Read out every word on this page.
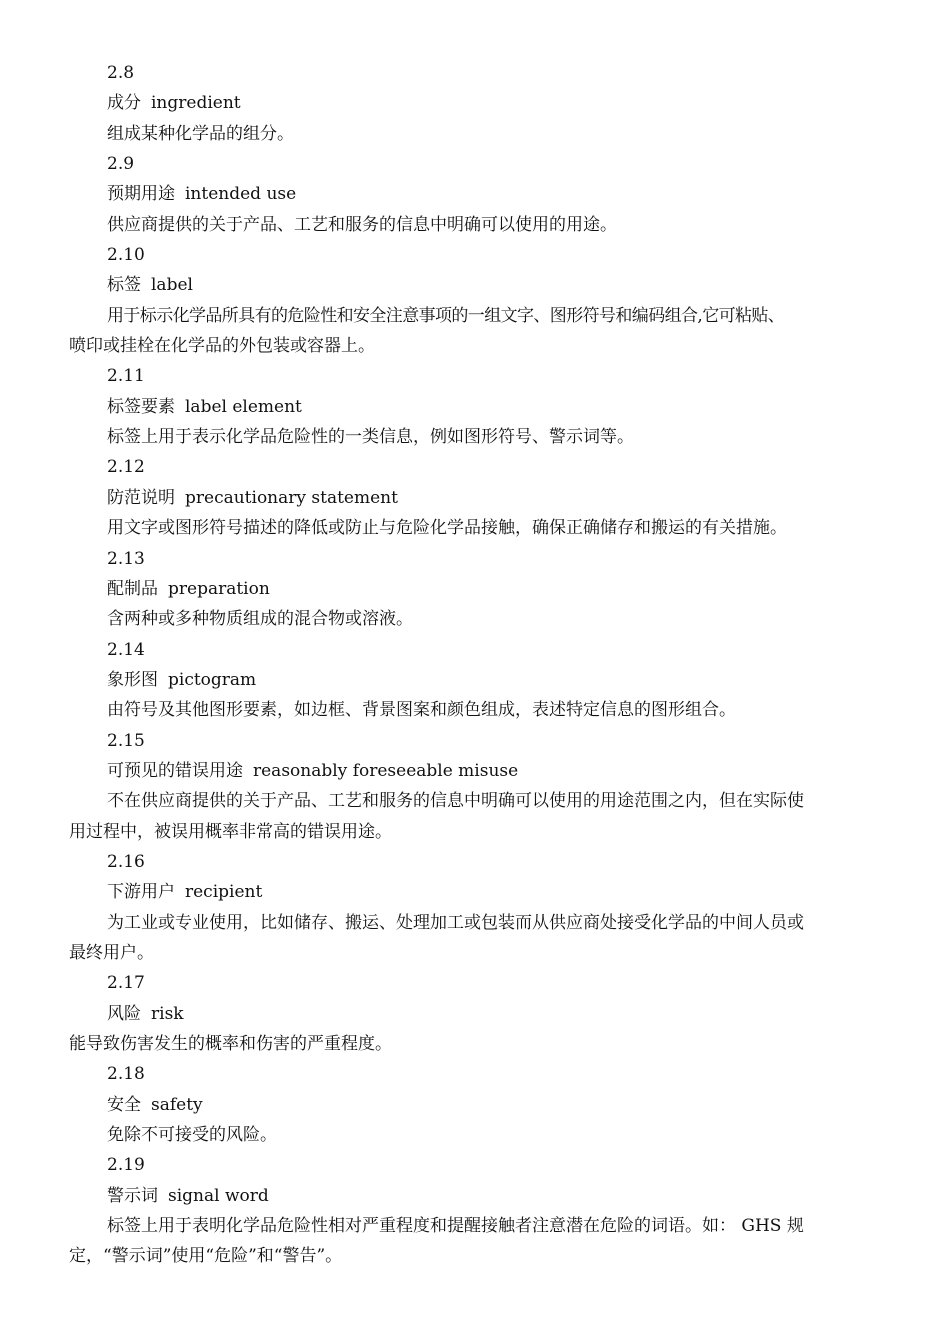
2.8
成分 ingredient
组成某种化学品的组分。
2.9
预期用途 intended use
供应商提供的关于产品、工艺和服务的信息中明确可以使用的用途。
2.10
标签 label
用于标示化学品所具有的危险性和安全注意事项的一组文字、图形符号和编码组合,它可粘贴、
喷印或挂栓在化学品的外包装或容器上。
2.11
标签要素 label element
标签上用于表示化学品危险性的一类信息，例如图形符号、警示词等。
2.12
防范说明 precautionary statement
用文字或图形符号描述的降低或防止与危险化学品接触，确保正确储存和搬运的有关措施。
2.13
配制品 preparation
含两种或多种物质组成的混合物或溶液。
2.14
象形图 pictogram
由符号及其他图形要素，如边框、背景图案和颜色组成，表述特定信息的图形组合。
2.15
可预见的错误用途 reasonably foreseeable misuse
不在供应商提供的关于产品、工艺和服务的信息中明确可以使用的用途范围之内，但在实际使
用过程中，被误用概率非常高的错误用途。
2.16
下游用户 recipient
为工业或专业使用，比如储存、搬运、处理加工或包装而从供应商处接受化学品的中间人员或
最终用户。
2.17
风险 risk
能导致伤害发生的概率和伤害的严重程度。
2.18
安全 safety
免除不可接受的风险。
2.19
警示词 signal word
标签上用于表明化学品危险性相对严重程度和提醒接触者注意潜在危险的词语。如： GHS 规
定，“警示词”使用“危险”和“警告”。
